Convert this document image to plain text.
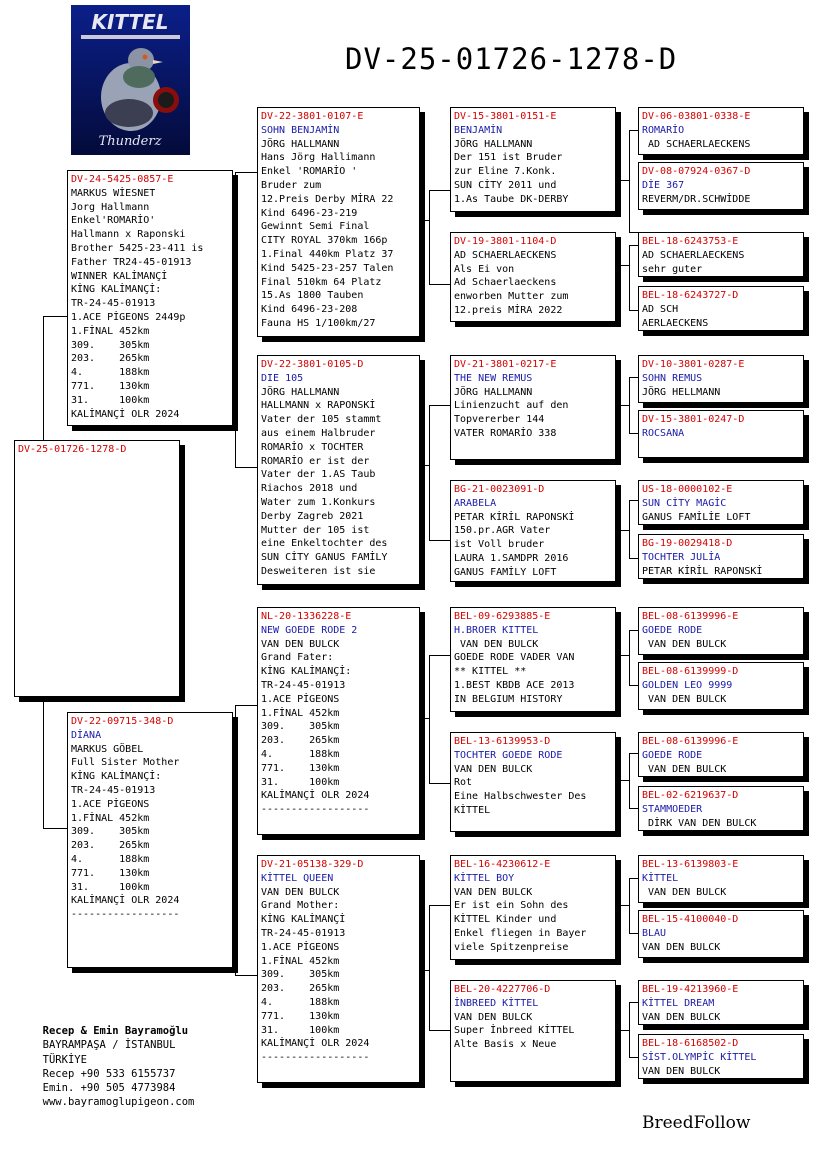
KITTEL
Thunderz
DV-25-01726-1278-D
DV-25-01726-1278-D
DV-24-5425-0857-E
MARKUS WİESNET
Jorg Hallmann
Enkel'ROMARİO'
Hallmann x Raponski
Brother 5425-23-411 is
Father TR24-45-01913
WINNER KALİMANÇİ
KİNG KALİMANÇİ:
TR-24-45-01913
1.ACE PİGEONS 2449p
1.FİNAL 452km
309.    305km
203.    265km
4.      188km
771.    130km
31.     100km
KALİMANÇİ OLR 2024
DV-22-09715-348-D
DİANA
MARKUS GÖBEL
Full Sister Mother
KİNG KALİMANÇİ:
TR-24-45-01913
1.ACE PİGEONS
1.FİNAL 452km
309.    305km
203.    265km
4.      188km
771.    130km
31.     100km
KALİMANÇİ OLR 2024
------------------
DV-22-3801-0107-E
SOHN BENJAMİN
JÖRG HALLMANN
Hans Jörg Hallimann
Enkel 'ROMARİO '
Bruder zum
12.Preis Derby MİRA 22
Kind 6496-23-219
Gewinnt Semi Final
CITY ROYAL 370km 166p
1.Final 440km Platz 37
Kind 5425-23-257 Talen
Final 510km 64 Platz
15.As 1800 Tauben
Kind 6496-23-208
Fauna HS 1/100km/27
DV-22-3801-0105-D
DIE 105
JÖRG HALLMANN
HALLMANN x RAPONSKİ
Vater der 105 stammt
aus einem Halbruder
ROMARİO x TOCHTER
ROMARİO er ist der
Vater der 1.AS Taub
Riachos 2018 und
Water zum 1.Konkurs
Derby Zagreb 2021
Mutter der 105 ist
eine Enkeltochter des
SUN CİTY GANUS FAMİLY
Desweiteren ist sie
NL-20-1336228-E
NEW GOEDE RODE 2
VAN DEN BULCK
Grand Fater:
KİNG KALİMANÇİ:
TR-24-45-01913
1.ACE PİGEONS
1.FİNAL 452km
309.    305km
203.    265km
4.      188km
771.    130km
31.     100km
KALİMANÇİ OLR 2024
------------------
DV-21-05138-329-D
KİTTEL QUEEN
VAN DEN BULCK
Grand Mother:
KİNG KALİMANÇİ
TR-24-45-01913
1.ACE PİGEONS
1.FİNAL 452km
309.    305km
203.    265km
4.      188km
771.    130km
31.     100km
KALİMANÇİ OLR 2024
------------------
DV-15-3801-0151-E
BENJAMİN
JÖRG HALLMANN
Der 151 ist Bruder
zur Eline 7.Konk.
SUN CİTY 2011 und
1.As Taube DK-DERBY
DV-19-3801-1104-D
AD SCHAERLAECKENS
Als Ei von
Ad Schaerlaeckens
enworben Mutter zum
12.preis MİRA 2022
DV-21-3801-0217-E
THE NEW REMUS
JÖRG HALLMANN
Linienzucht auf den
Topvererber 144
VATER ROMARİO 338
BG-21-0023091-D
ARABELA
PETAR KİRİL RAPONSKİ
150.pr.AGR Vater
ist Voll bruder
LAURA 1.SAMDPR 2016
GANUS FAMİLY LOFT
BEL-09-6293885-E
H.BROER KITTEL
VAN DEN BULCK
GOEDE RODE VADER VAN
** KITTEL **
1.BEST KBDB ACE 2013
IN BELGIUM HISTORY
BEL-13-6139953-D
TOCHTER GOEDE RODE
VAN DEN BULCK
Rot
Eine Halbschwester Des
KİTTEL
BEL-16-4230612-E
KİTTEL BOY
VAN DEN BULCK
Er ist ein Sohn des
KİTTEL Kinder und
Enkel fliegen in Bayer
viele Spitzenpreise
BEL-20-4227706-D
İNBREED KİTTEL
VAN DEN BULCK
Super İnbreed KİTTEL
Alte Basis x Neue
DV-06-03801-0338-E
ROMARİO
AD SCHAERLAECKENS
DV-08-07924-0367-D
DİE 367
REVERM/DR.SCHWİDDE
BEL-18-6243753-E
AD SCHAERLAECKENS
sehr guter
BEL-18-6243727-D
AD SCH
AERLAECKENS
DV-10-3801-0287-E
SOHN REMUS
JÖRG HELLMANN
DV-15-3801-0247-D
ROCSANA
US-18-0000102-E
SUN CİTY MAGİC
GANUS FAMİLİE LOFT
BG-19-0029418-D
TOCHTER JULİA
PETAR KİRİL RAPONSKİ
BEL-08-6139996-E
GOEDE RODE
VAN DEN BULCK
BEL-08-6139999-D
GOLDEN LEO 9999
VAN DEN BULCK
BEL-08-6139996-E
GOEDE RODE
VAN DEN BULCK
BEL-02-6219637-D
STAMMOEDER
DİRK VAN DEN BULCK
BEL-13-6139803-E
KİTTEL
VAN DEN BULCK
BEL-15-4100040-D
BLAU
VAN DEN BULCK
BEL-19-4213960-E
KİTTEL DREAM
VAN DEN BULCK
BEL-18-6168502-D
SİST.OLYMPİC KİTTEL
VAN DEN BULCK

Recep & Emin Bayramoğlu
BAYRAMPAŞA / İSTANBUL
TÜRKİYE
Recep +90 533 6155737
Emin. +90 505 4773984
www.bayramoglupigeon.com

BreedFollow
